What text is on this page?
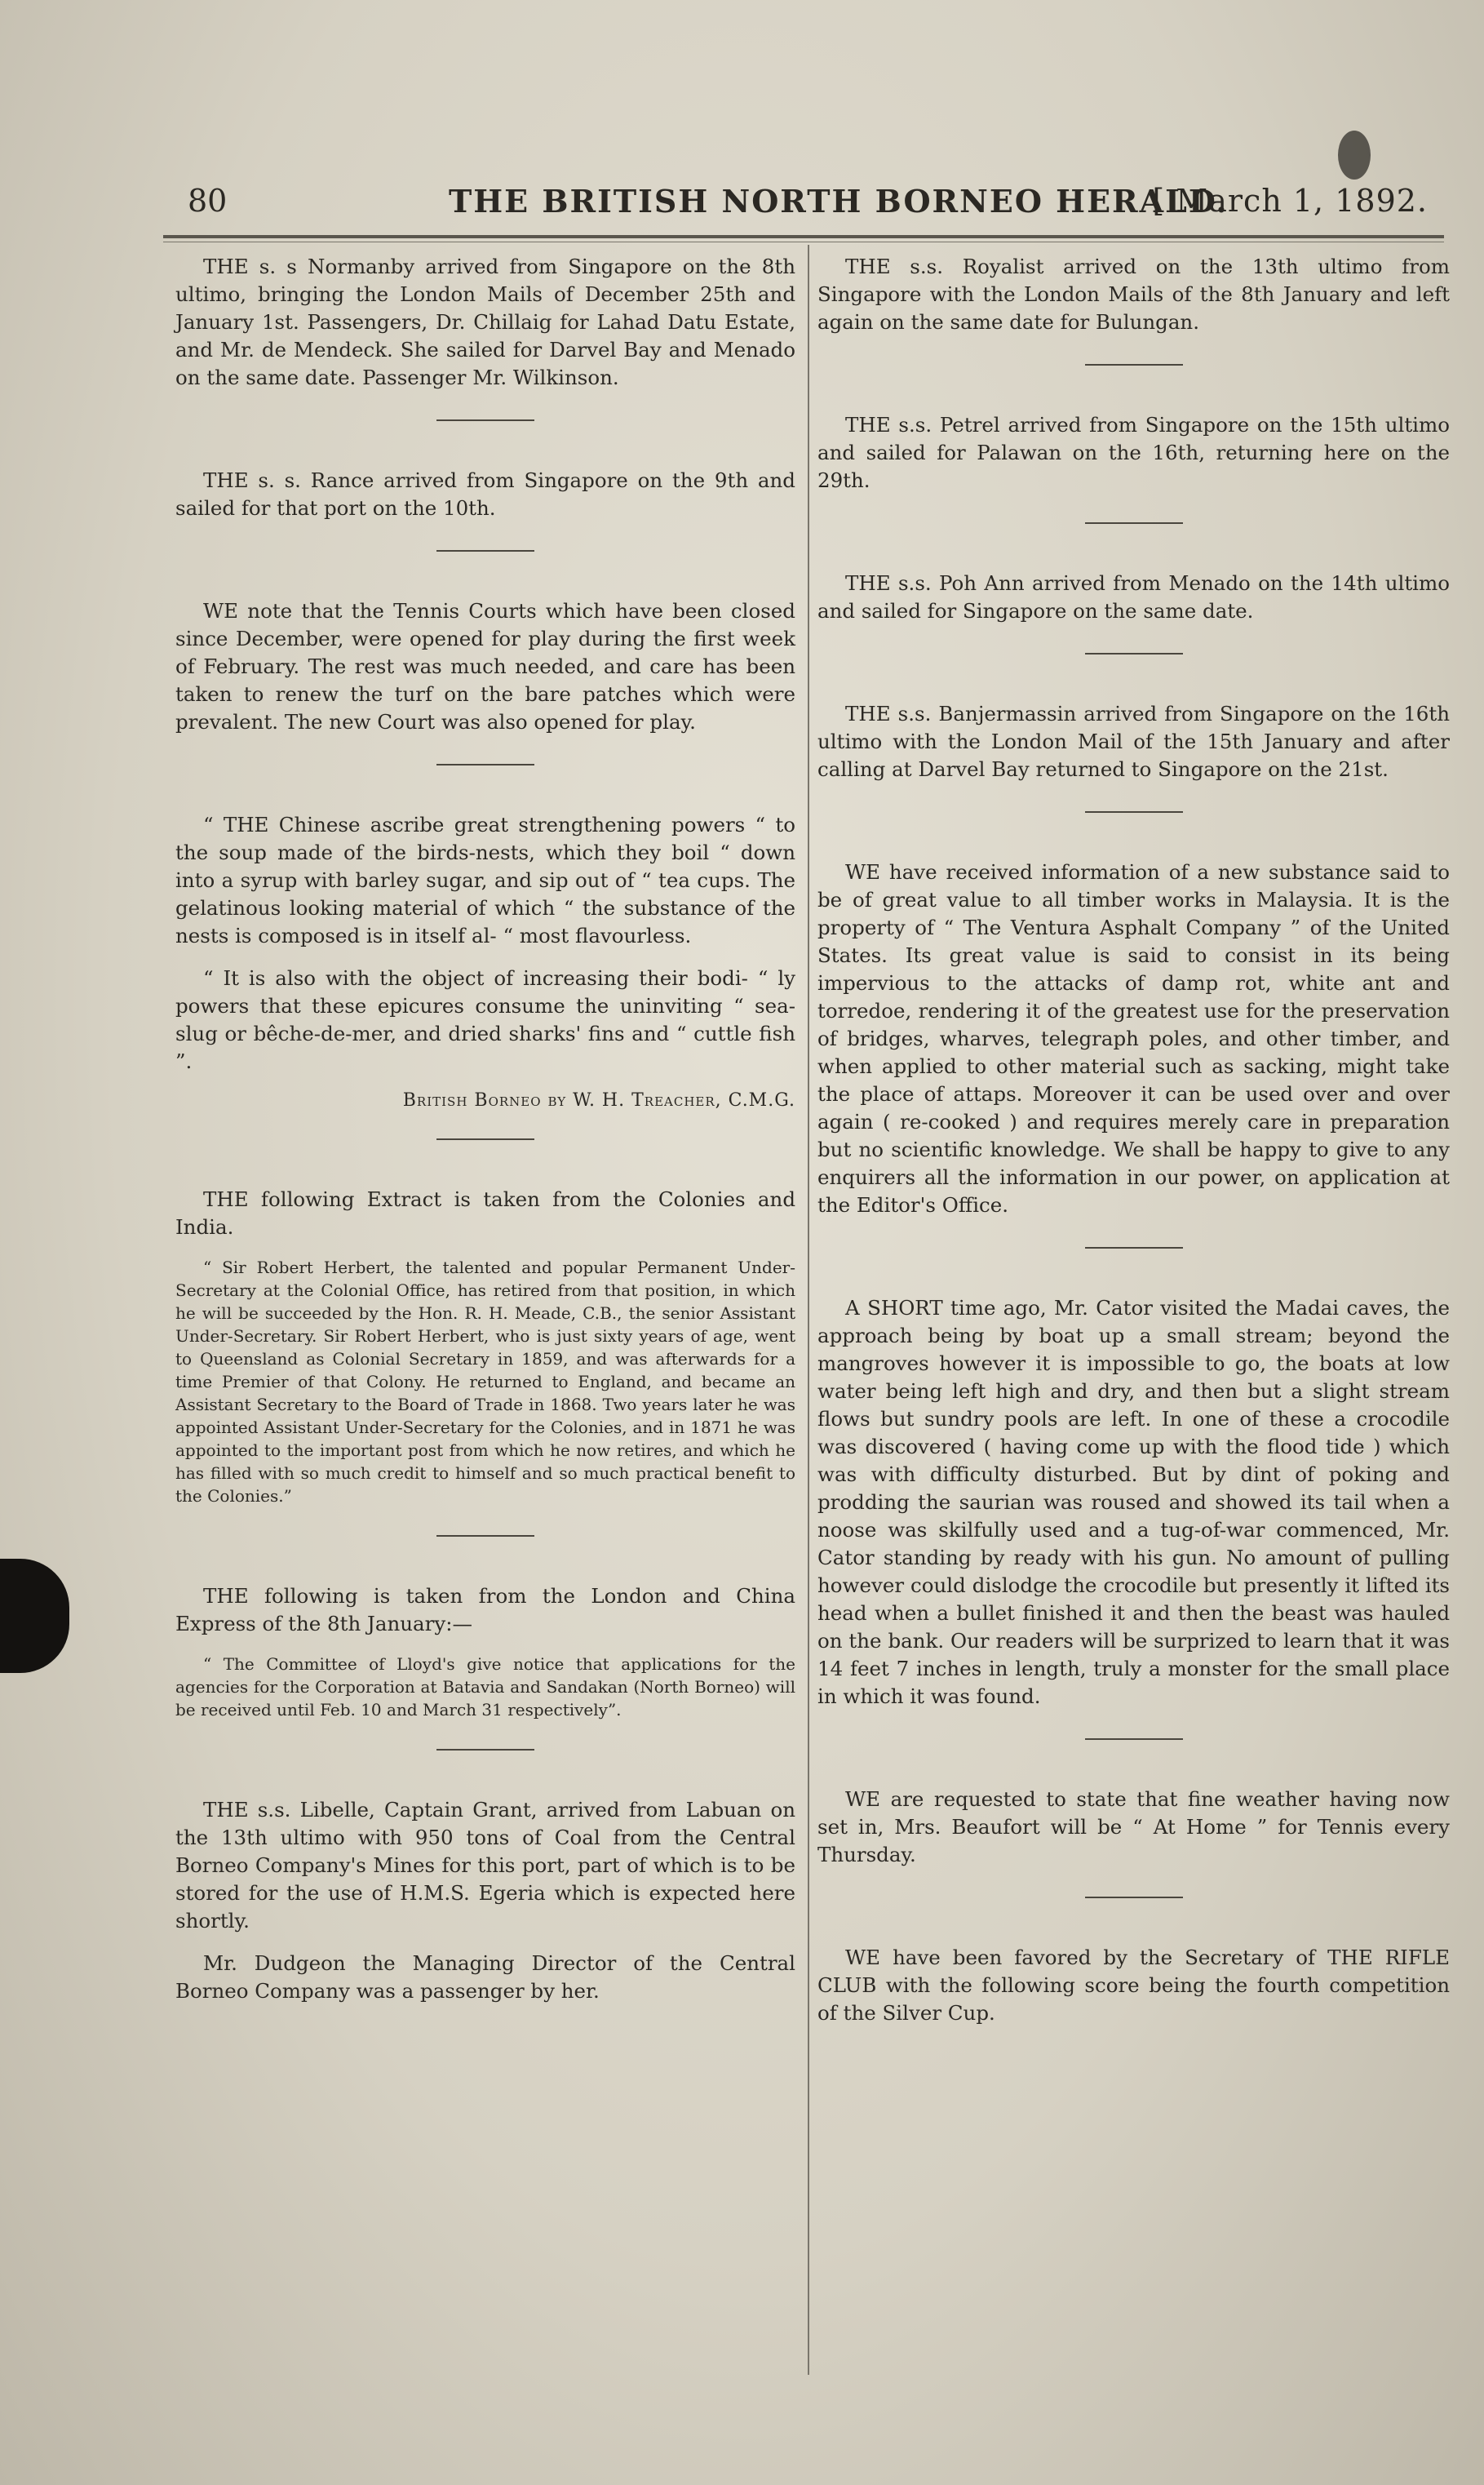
80	THE BRITISH NORTH BORNEO HERALD.
[ March 1, 1892.

THE s. s Normanby arrived from Singapore on the 8th ultimo, bringing the London Mails of December 25th and January 1st. Passengers, Dr. Chillaig for Lahad Datu Estate, and Mr. de Mendeck. She sailed for Darvel Bay and Menado on the same date. Passenger Mr. Wilkinson.

THE s. s. Rance arrived from Singapore on the 9th and sailed for that port on the 10th.

WE note that the Tennis Courts which have been closed since December, were opened for play during the first week of February. The rest was much needed, and care has been taken to renew the turf on the bare patches which were prevalent. The new Court was also opened for play.

“ THE Chinese ascribe great strengthening powers “ to the soup made of the birds-nests, which they boil “ down into a syrup with barley sugar, and sip out of “ tea cups. The gelatinous looking material of which “ the substance of the nests is composed is in itself al- “ most flavourless.

“ It is also with the object of increasing their bodi- “ ly powers that these epicures consume the uninviting “ sea-slug or bêche-de-mer, and dried sharks' fins and “ cuttle fish ”.

British Borneo by W. H. Treacher, C.M.G.

THE following Extract is taken from the Colonies and India.

“ Sir Robert Herbert, the talented and popular Permanent Under-Secretary at the Colonial Office, has retired from that position, in which he will be succeeded by the Hon. R. H. Meade, C.B., the senior Assistant Under-Secretary. Sir Robert Herbert, who is just sixty years of age, went to Queensland as Colonial Secretary in 1859, and was afterwards for a time Premier of that Colony. He returned to England, and became an Assistant Secretary to the Board of Trade in 1868. Two years later he was appointed Assistant Under-Secretary for the Colonies, and in 1871 he was appointed to the important post from which he now retires, and which he has filled with so much credit to himself and so much practical benefit to the Colonies.”

THE following is taken from the London and China Express of the 8th January:—

“ The Committee of Lloyd's give notice that applications for the agencies for the Corporation at Batavia and Sandakan (North Borneo) will be received until Feb. 10 and March 31 respectively”.

THE s.s. Libelle, Captain Grant, arrived from Labuan on the 13th ultimo with 950 tons of Coal from the Central Borneo Company's Mines for this port, part of which is to be stored for the use of H.M.S. Egeria which is expected here shortly.

Mr. Dudgeon the Managing Director of the Central Borneo Company was a passenger by her.

THE s.s. Royalist arrived on the 13th ultimo from Singapore with the London Mails of the 8th January and left again on the same date for Bulungan.

THE s.s. Petrel arrived from Singapore on the 15th ultimo and sailed for Palawan on the 16th, returning here on the 29th.

THE s.s. Poh Ann arrived from Menado on the 14th ultimo and sailed for Singapore on the same date.

THE s.s. Banjermassin arrived from Singapore on the 16th ultimo with the London Mail of the 15th January and after calling at Darvel Bay returned to Singapore on the 21st.

WE have received information of a new substance said to be of great value to all timber works in Malaysia. It is the property of “ The Ventura Asphalt Company ” of the United States. Its great value is said to consist in its being impervious to the attacks of damp rot, white ant and torredoe, rendering it of the greatest use for the preservation of bridges, wharves, telegraph poles, and other timber, and when applied to other material such as sacking, might take the place of attaps. Moreover it can be used over and over again ( re-cooked ) and requires merely care in preparation but no scientific knowledge. We shall be happy to give to any enquirers all the information in our power, on application at the Editor's Office.

A SHORT time ago, Mr. Cator visited the Madai caves, the approach being by boat up a small stream; beyond the mangroves however it is impossible to go, the boats at low water being left high and dry, and then but a slight stream flows but sundry pools are left. In one of these a crocodile was discovered ( having come up with the flood tide ) which was with difficulty disturbed. But by dint of poking and prodding the saurian was roused and showed its tail when a noose was skilfully used and a tug-of-war commenced, Mr. Cator standing by ready with his gun. No amount of pulling however could dislodge the crocodile but presently it lifted its head when a bullet finished it and then the beast was hauled on the bank. Our readers will be surprized to learn that it was 14 feet 7 inches in length, truly a monster for the small place in which it was found.

WE are requested to state that fine weather having now set in, Mrs. Beaufort will be “ At Home ” for Tennis every Thursday.

WE have been favored by the Secretary of THE RIFLE CLUB with the following score being the fourth competition of the Silver Cup.
